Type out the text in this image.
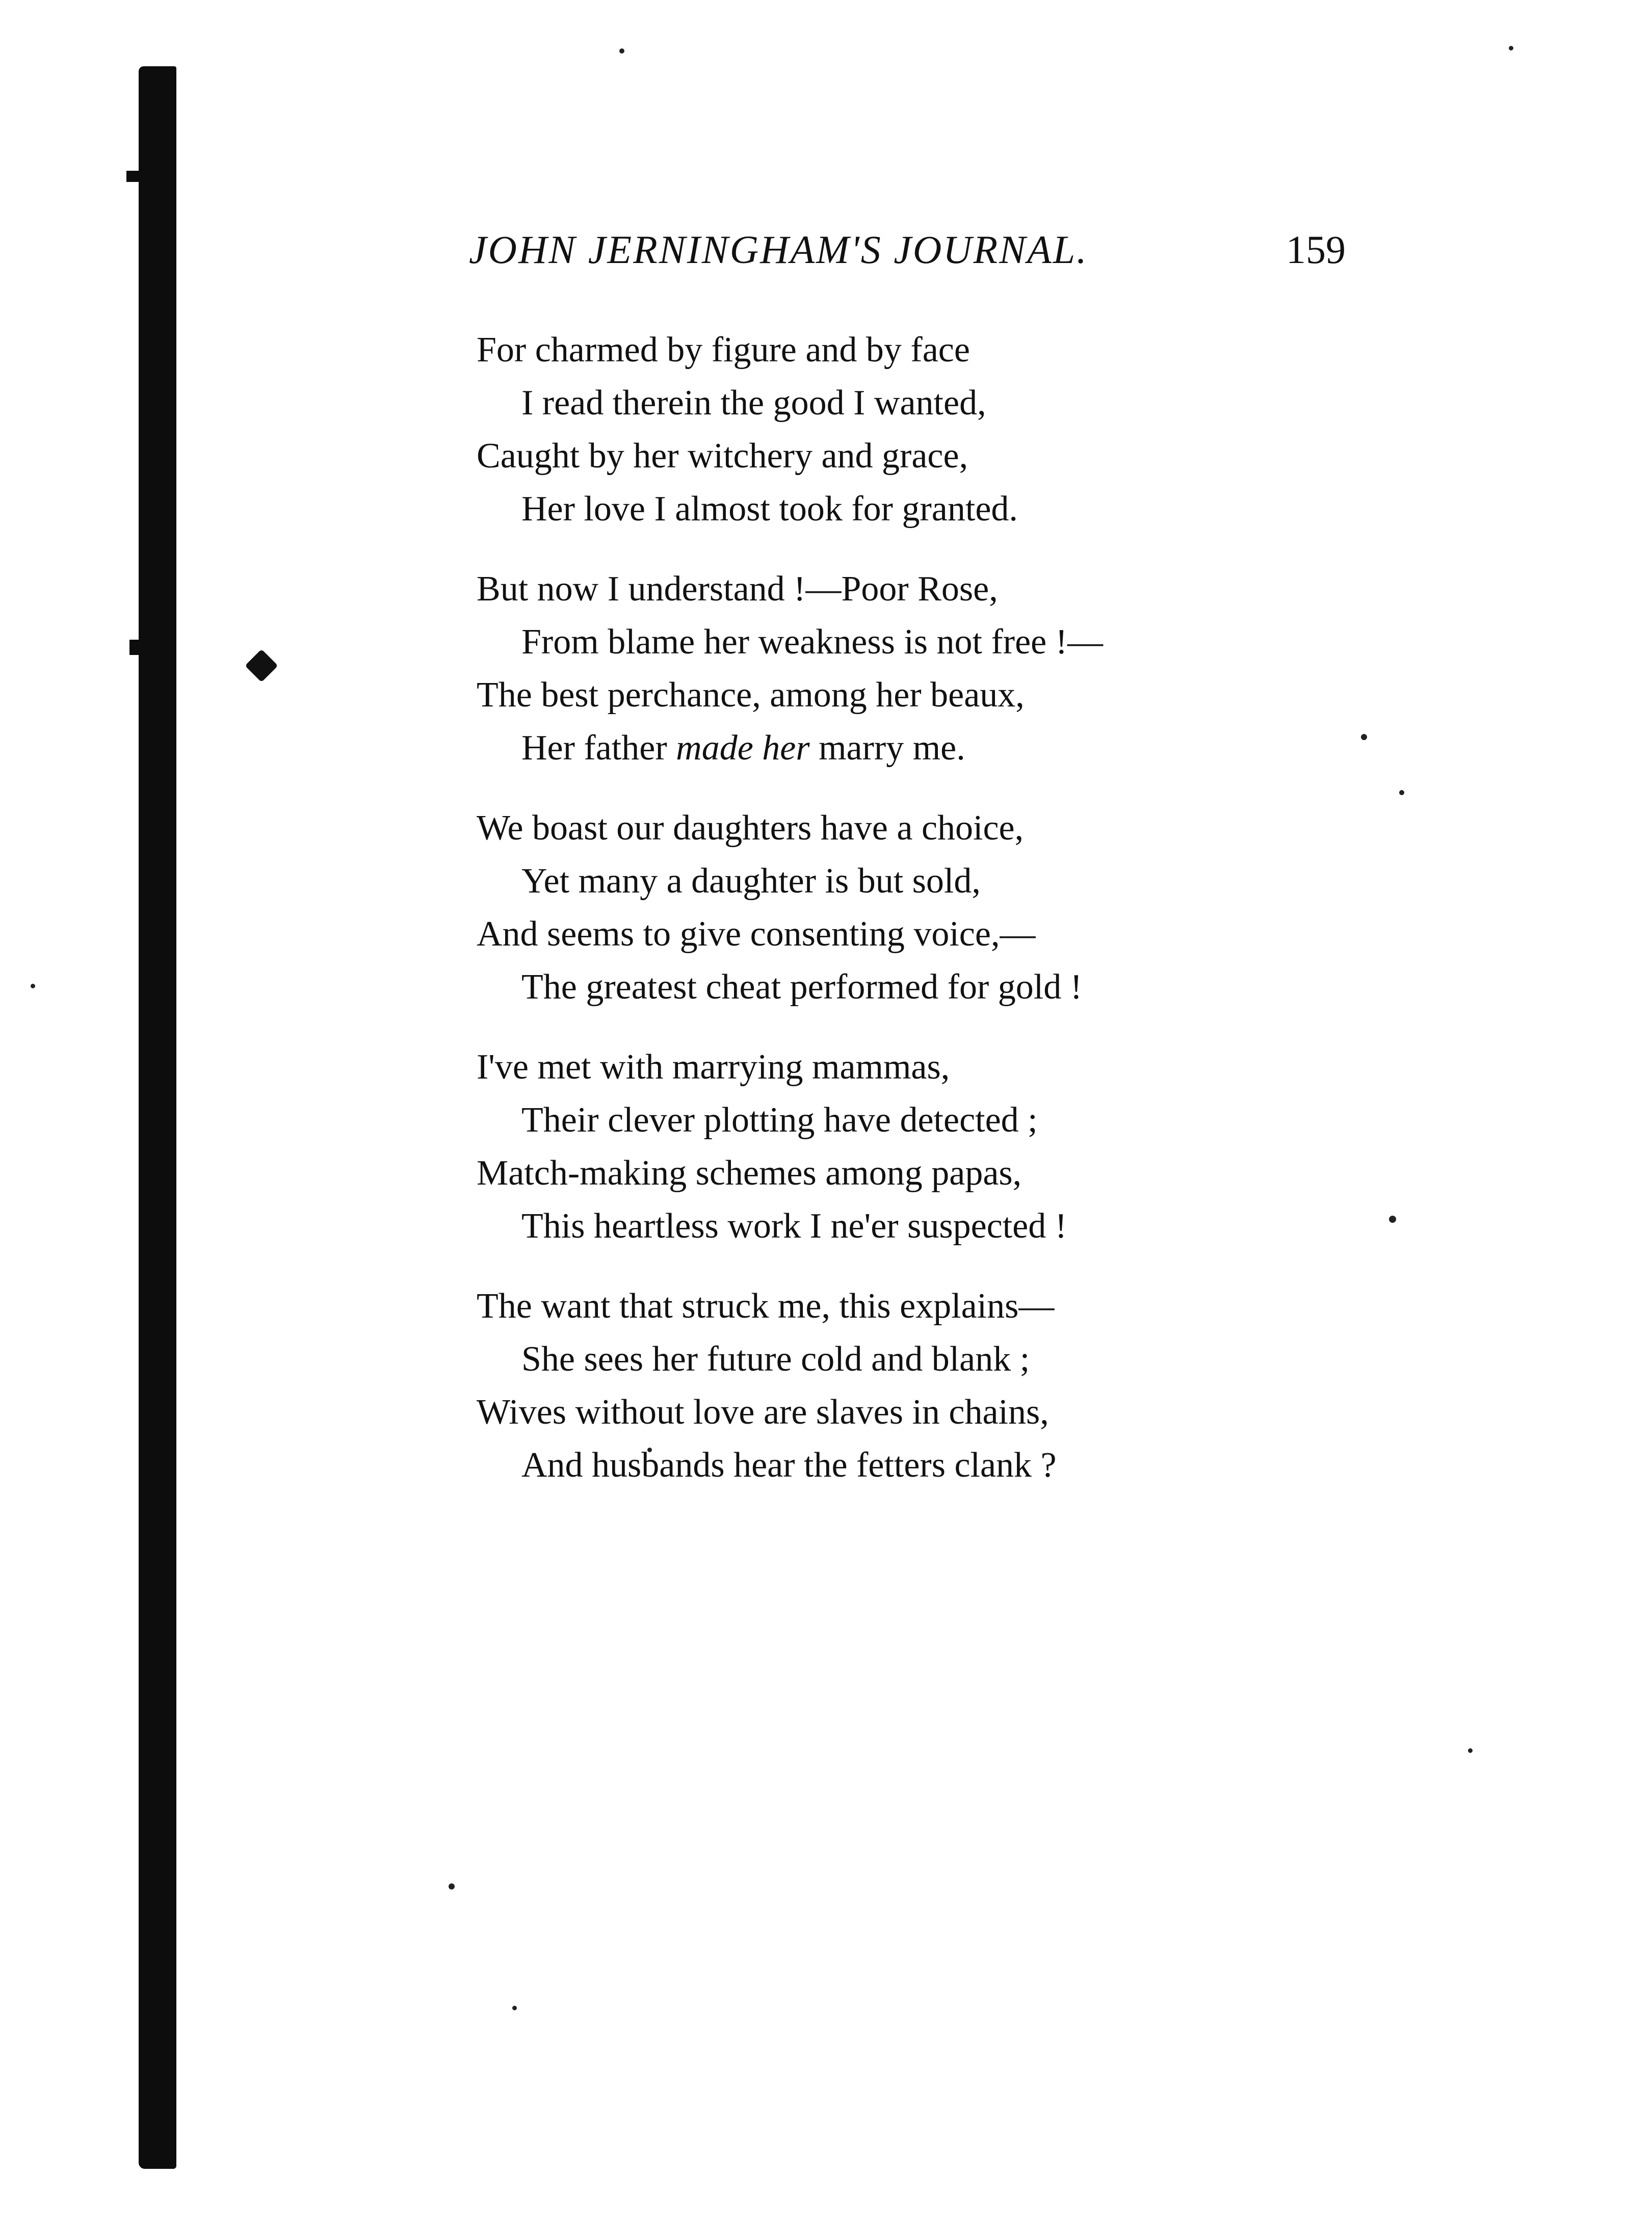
JOHN JERNINGHAM'S JOURNAL.	159
For charmed by figure and by face
I read therein the good I wanted,
Caught by her witchery and grace,
Her love I almost took for granted.
But now I understand !—Poor Rose,
From blame her weakness is not free !—
The best perchance, among her beaux,
Her father made her marry me.
We boast our daughters have a choice,
Yet many a daughter is but sold,
And seems to give consenting voice,—
The greatest cheat performed for gold !
I've met with marrying mammas,
Their clever plotting have detected ;
Match-making schemes among papas,
This heartless work I ne'er suspected !
The want that struck me, this explains—
She sees her future cold and blank ;
Wives without love are slaves in chains,
And husbands hear the fetters clank ?
